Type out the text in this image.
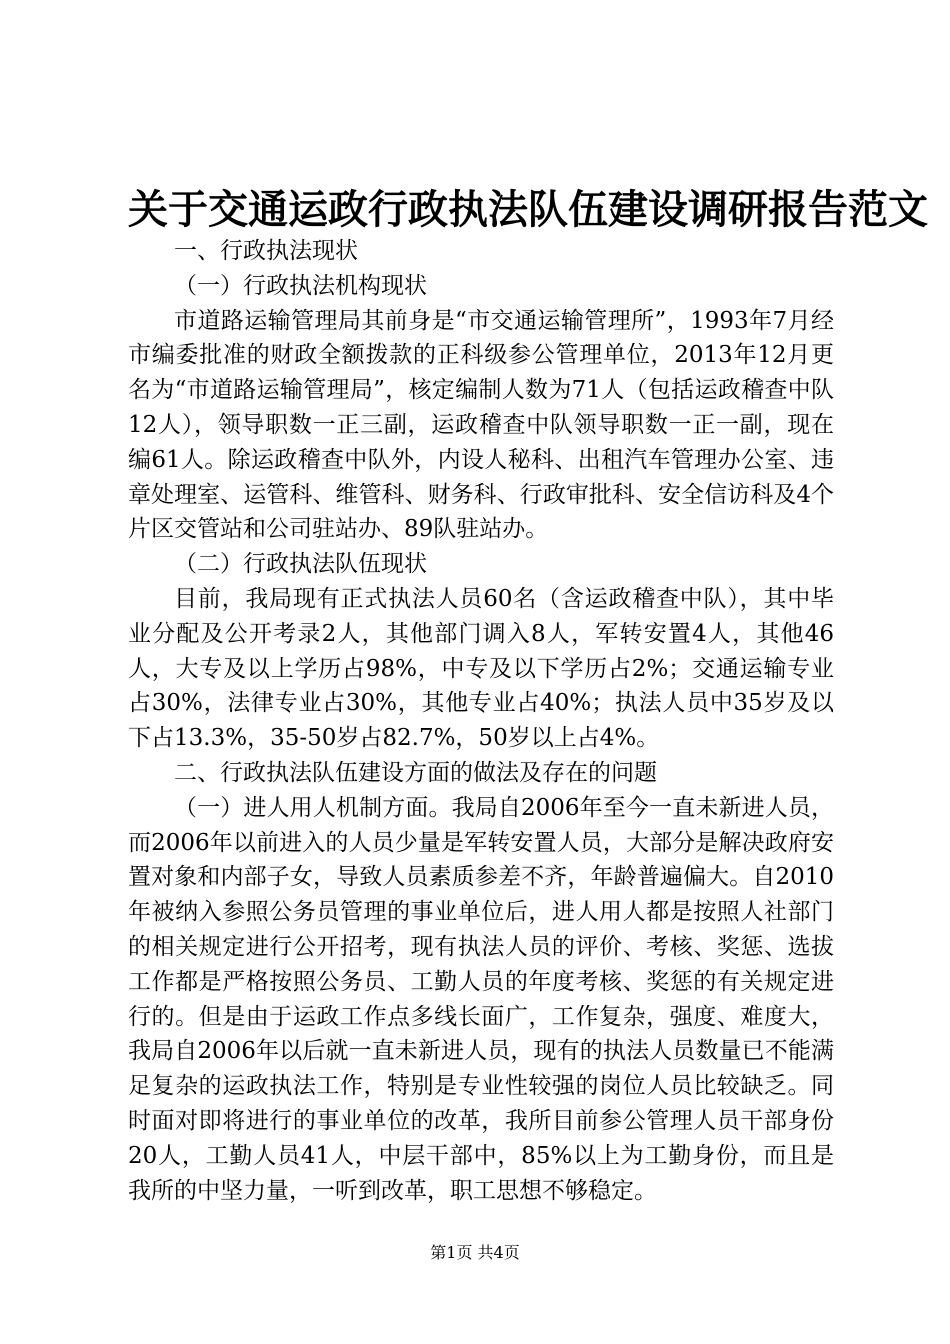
关于交通运政行政执法队伍建设调研报告范文

一、行政执法现状

（一）行政执法机构现状

市道路运输管理局其前身是“市交通运输管理所”，1993年7月经市编委批准的财政全额拨款的正科级参公管理单位，2013年12月更名为“市道路运输管理局”，核定编制人数为71人（包括运政稽查中队12人），领导职数一正三副，运政稽查中队领导职数一正一副，现在编61人。除运政稽查中队外，内设人秘科、出租汽车管理办公室、违章处理室、运管科、维管科、财务科、行政审批科、安全信访科及4个片区交管站和公司驻站办、89队驻站办。

（二）行政执法队伍现状

目前，我局现有正式执法人员60名（含运政稽查中队），其中毕业分配及公开考录2人，其他部门调入8人，军转安置4人，其他46人，大专及以上学历占98%，中专及以下学历占2%；交通运输专业占30%，法律专业占30%，其他专业占40%；执法人员中35岁及以下占13.3%，35-50岁占82.7%，50岁以上占4%。

二、行政执法队伍建设方面的做法及存在的问题

（一）进人用人机制方面。我局自2006年至今一直未新进人员，而2006年以前进入的人员少量是军转安置人员，大部分是解决政府安置对象和内部子女，导致人员素质参差不齐，年龄普遍偏大。自2010年被纳入参照公务员管理的事业单位后，进人用人都是按照人社部门的相关规定进行公开招考，现有执法人员的评价、考核、奖惩、选拔工作都是严格按照公务员、工勤人员的年度考核、奖惩的有关规定进行的。但是由于运政工作点多线长面广，工作复杂，强度、难度大，我局自2006年以后就一直未新进人员，现有的执法人员数量已不能满足复杂的运政执法工作，特别是专业性较强的岗位人员比较缺乏。同时面对即将进行的事业单位的改革，我所目前参公管理人员干部身份20人，工勤人员41人，中层干部中，85%以上为工勤身份，而且是我所的中坚力量，一听到改革，职工思想不够稳定。

第1页 共4页
